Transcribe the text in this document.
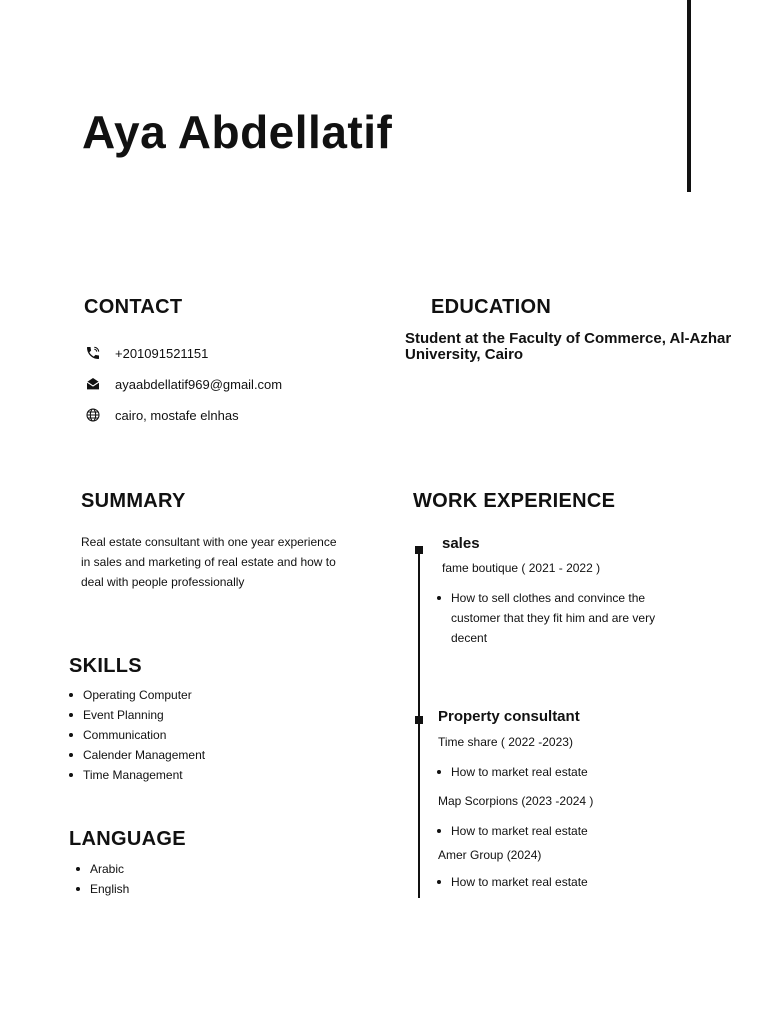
Aya Abdellatif
CONTACT
+201091521151
ayaabdellatif969@gmail.com
cairo, mostafe elnhas
EDUCATION

Student at the Faculty of Commerce, Al-Azhar University, Cairo

SUMMARY

Real estate consultant with one year experience in sales and marketing of real estate and how to deal with people professionally

SKILLS
Operating Computer
Event Planning
Communication
Calender Management
Time Management
LANGUAGE
Arabic
English
WORK EXPERIENCE

sales

fame boutique ( 2021 - 2022 )

How to sell clothes and convince the customer that they fit him and are very decent

Property consultant

Time share ( 2022 -2023)

How to market real estate

Map Scorpions (2023 -2024 )

How to market real estate

Amer Group (2024)

How to market real estate
